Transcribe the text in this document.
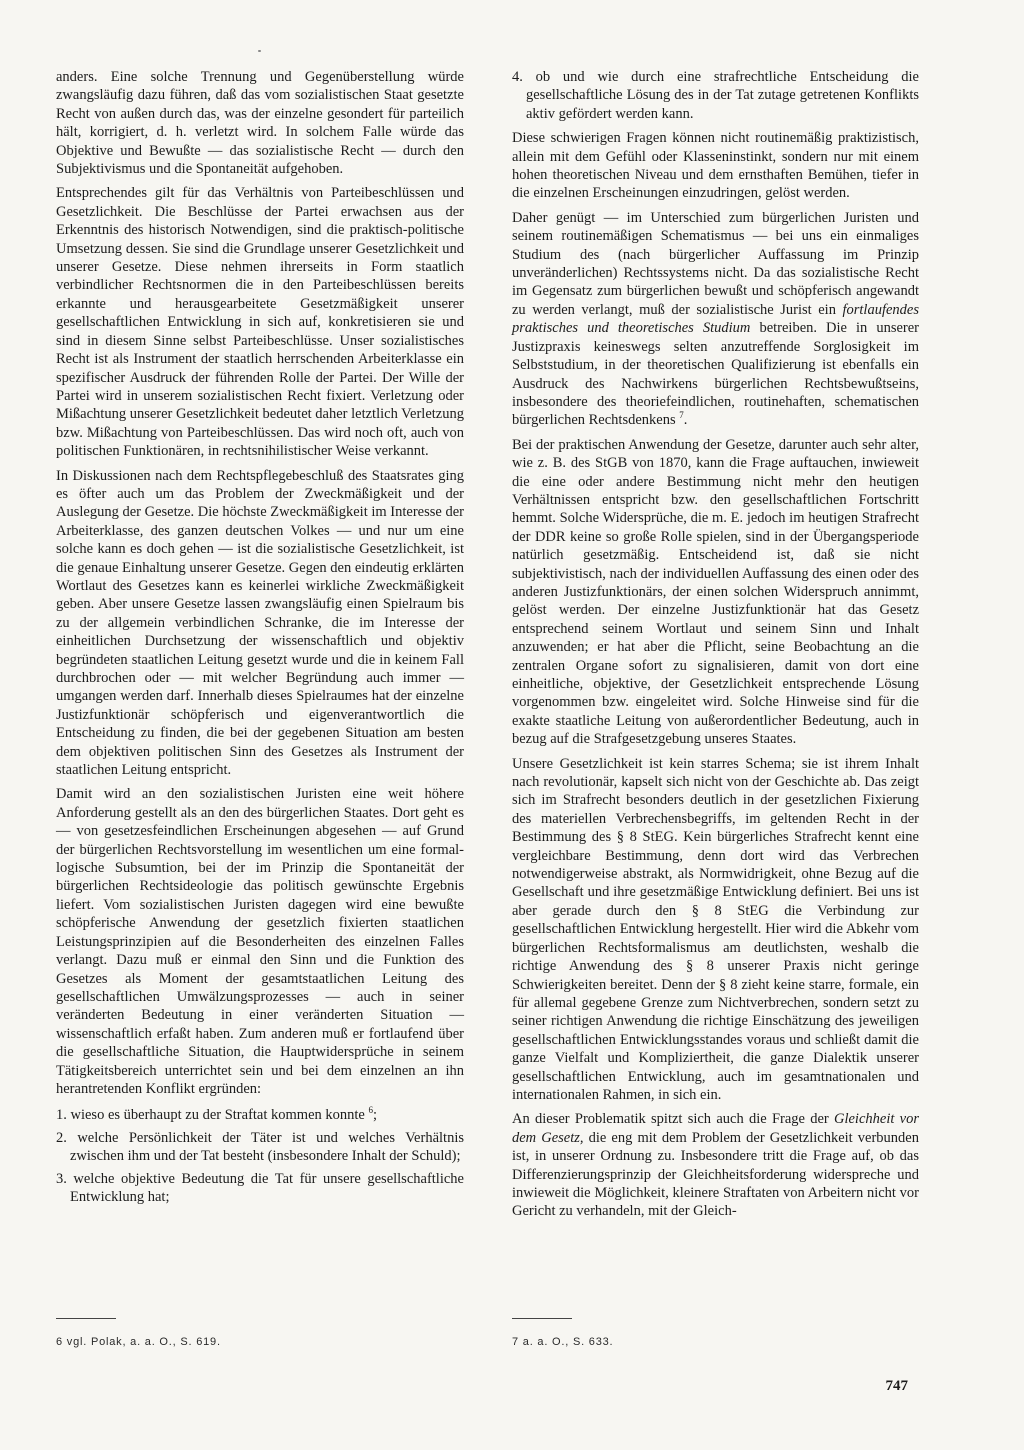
anders. Eine solche Trennung und Gegenüberstellung würde zwangsläufig dazu führen, daß das vom sozialistischen Staat gesetzte Recht von außen durch das, was der einzelne gesondert für parteilich hält, korrigiert, d. h. verletzt wird. In solchem Falle würde das Objektive und Bewußte — das sozialistische Recht — durch den Subjektivismus und die Spontaneität aufgehoben.

Entsprechendes gilt für das Verhältnis von Parteibeschlüssen und Gesetzlichkeit. Die Beschlüsse der Partei erwachsen aus der Erkenntnis des historisch Notwendigen, sind die praktisch-politische Umsetzung dessen. Sie sind die Grundlage unserer Gesetzlichkeit und unserer Gesetze. Diese nehmen ihrerseits in Form staatlich verbindlicher Rechtsnormen die in den Parteibeschlüssen bereits erkannte und herausgearbeitete Gesetzmäßigkeit unserer gesellschaftlichen Entwicklung in sich auf, konkretisieren sie und sind in diesem Sinne selbst Parteibeschlüsse. Unser sozialistisches Recht ist als Instrument der staatlich herrschenden Arbeiterklasse ein spezifischer Ausdruck der führenden Rolle der Partei. Der Wille der Partei wird in unserem sozialistischen Recht fixiert. Verletzung oder Mißachtung unserer Gesetzlichkeit bedeutet daher letztlich Verletzung bzw. Mißachtung von Parteibeschlüssen. Das wird noch oft, auch von politischen Funktionären, in rechtsnihilistischer Weise verkannt.

In Diskussionen nach dem Rechtspflegebeschluß des Staatsrates ging es öfter auch um das Problem der Zweckmäßigkeit und der Auslegung der Gesetze. Die höchste Zweckmäßigkeit im Interesse der Arbeiterklasse, des ganzen deutschen Volkes — und nur um eine solche kann es doch gehen — ist die sozialistische Gesetzlichkeit, ist die genaue Einhaltung unserer Gesetze. Gegen den eindeutig erklärten Wortlaut des Gesetzes kann es keinerlei wirkliche Zweckmäßigkeit geben. Aber unsere Gesetze lassen zwangsläufig einen Spielraum bis zu der allgemein verbindlichen Schranke, die im Interesse der einheitlichen Durchsetzung der wissenschaftlich und objektiv begründeten staatlichen Leitung gesetzt wurde und die in keinem Fall durchbrochen oder — mit welcher Begründung auch immer — umgangen werden darf. Innerhalb dieses Spielraumes hat der einzelne Justizfunktionär schöpferisch und eigenverantwortlich die Entscheidung zu finden, die bei der gegebenen Situation am besten dem objektiven politischen Sinn des Gesetzes als Instrument der staatlichen Leitung entspricht.

Damit wird an den sozialistischen Juristen eine weit höhere Anforderung gestellt als an den des bürgerlichen Staates. Dort geht es — von gesetzesfeindlichen Erscheinungen abgesehen — auf Grund der bürgerlichen Rechtsvorstellung im wesentlichen um eine formal-logische Subsumtion, bei der im Prinzip die Spontaneität der bürgerlichen Rechtsideologie das politisch gewünschte Ergebnis liefert. Vom sozialistischen Juristen dagegen wird eine bewußte schöpferische Anwendung der gesetzlich fixierten staatlichen Leistungsprinzipien auf die Besonderheiten des einzelnen Falles verlangt. Dazu muß er einmal den Sinn und die Funktion des Gesetzes als Moment der gesamtstaatlichen Leitung des gesellschaftlichen Umwälzungsprozesses — auch in seiner veränderten Bedeutung in einer veränderten Situation — wissenschaftlich erfaßt haben. Zum anderen muß er fortlaufend über die gesellschaftliche Situation, die Hauptwidersprüche in seinem Tätigkeitsbereich unterrichtet sein und bei dem einzelnen an ihn herantretenden Konflikt ergründen:

1. wieso es überhaupt zu der Straftat kommen konnte $^6$;

2. welche Persönlichkeit der Täter ist und welches Verhältnis zwischen ihm und der Tat besteht (insbesondere Inhalt der Schuld);

3. welche objektive Bedeutung die Tat für unsere gesellschaftliche Entwicklung hat;

4. ob und wie durch eine strafrechtliche Entscheidung die gesellschaftliche Lösung des in der Tat zutage getretenen Konflikts aktiv gefördert werden kann.

Diese schwierigen Fragen können nicht routinemäßig praktizistisch, allein mit dem Gefühl oder Klasseninstinkt, sondern nur mit einem hohen theoretischen Niveau und dem ernsthaften Bemühen, tiefer in die einzelnen Erscheinungen einzudringen, gelöst werden.

Daher genügt — im Unterschied zum bürgerlichen Juristen und seinem routinemäßigen Schematismus — bei uns ein einmaliges Studium des (nach bürgerlicher Auffassung im Prinzip unveränderlichen) Rechtssystems nicht. Da das sozialistische Recht im Gegensatz zum bürgerlichen bewußt und schöpferisch angewandt zu werden verlangt, muß der sozialistische Jurist ein fortlaufendes praktisches und theoretisches Studium betreiben. Die in unserer Justizpraxis keineswegs selten anzutreffende Sorglosigkeit im Selbststudium, in der theoretischen Qualifizierung ist ebenfalls ein Ausdruck des Nachwirkens bürgerlichen Rechtsbewußtseins, insbesondere des theoriefeindlichen, routinehaften, schematischen bürgerlichen Rechtsdenkens $^7$.

Bei der praktischen Anwendung der Gesetze, darunter auch sehr alter, wie z. B. des StGB von 1870, kann die Frage auftauchen, inwieweit die eine oder andere Bestimmung nicht mehr den heutigen Verhältnissen entspricht bzw. den gesellschaftlichen Fortschritt hemmt. Solche Widersprüche, die m. E. jedoch im heutigen Strafrecht der DDR keine so große Rolle spielen, sind in der Übergangsperiode natürlich gesetzmäßig. Entscheidend ist, daß sie nicht subjektivistisch, nach der individuellen Auffassung des einen oder des anderen Justizfunktionärs, der einen solchen Widerspruch annimmt, gelöst werden. Der einzelne Justizfunktionär hat das Gesetz entsprechend seinem Wortlaut und seinem Sinn und Inhalt anzuwenden; er hat aber die Pflicht, seine Beobachtung an die zentralen Organe sofort zu signalisieren, damit von dort eine einheitliche, objektive, der Gesetzlichkeit entsprechende Lösung vorgenommen bzw. eingeleitet wird. Solche Hinweise sind für die exakte staatliche Leitung von außerordentlicher Bedeutung, auch in bezug auf die Strafgesetzgebung unseres Staates.

Unsere Gesetzlichkeit ist kein starres Schema; sie ist ihrem Inhalt nach revolutionär, kapselt sich nicht von der Geschichte ab. Das zeigt sich im Strafrecht besonders deutlich in der gesetzlichen Fixierung des materiellen Verbrechensbegriffs, im geltenden Recht in der Bestimmung des § 8 StEG. Kein bürgerliches Strafrecht kennt eine vergleichbare Bestimmung, denn dort wird das Verbrechen notwendigerweise abstrakt, als Normwidrigkeit, ohne Bezug auf die Gesellschaft und ihre gesetzmäßige Entwicklung definiert. Bei uns ist aber gerade durch den § 8 StEG die Verbindung zur gesellschaftlichen Entwicklung hergestellt. Hier wird die Abkehr vom bürgerlichen Rechtsformalismus am deutlichsten, weshalb die richtige Anwendung des § 8 unserer Praxis nicht geringe Schwierigkeiten bereitet. Denn der § 8 zieht keine starre, formale, ein für allemal gegebene Grenze zum Nichtverbrechen, sondern setzt zu seiner richtigen Anwendung die richtige Einschätzung des jeweiligen gesellschaftlichen Entwicklungsstandes voraus und schließt damit die ganze Vielfalt und Kompliziertheit, die ganze Dialektik unserer gesellschaftlichen Entwicklung, auch im gesamtnationalen und internationalen Rahmen, in sich ein.

An dieser Problematik spitzt sich auch die Frage der Gleichheit vor dem Gesetz, die eng mit dem Problem der Gesetzlichkeit verbunden ist, in unserer Ordnung zu. Insbesondere tritt die Frage auf, ob das Differenzierungsprinzip der Gleichheitsforderung widerspreche und inwieweit die Möglichkeit, kleinere Straftaten von Arbeitern nicht vor Gericht zu verhandeln, mit der Gleich-

6 vgl. Polak, a. a. O., S. 619.	7 a. a. O., S. 633.
747
